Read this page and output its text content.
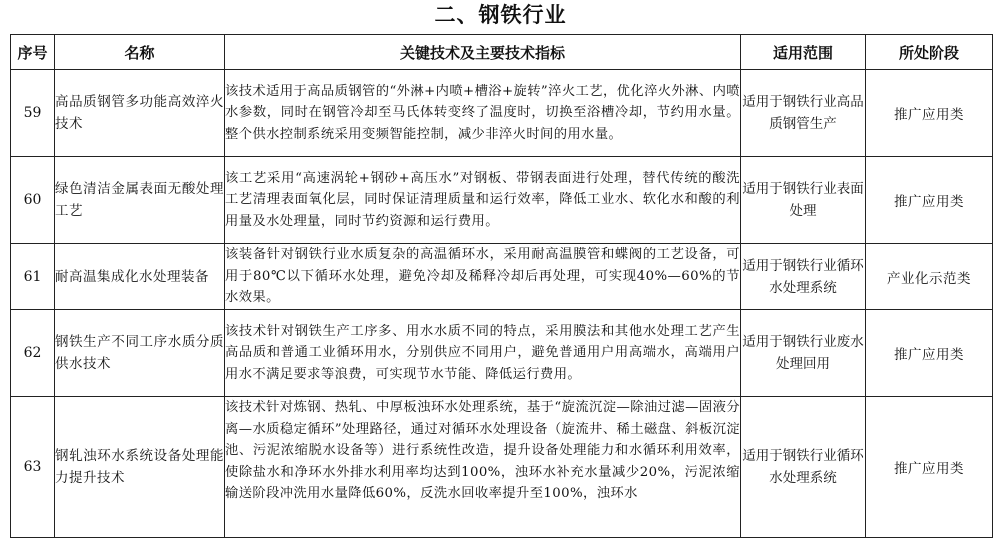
二、钢铁行业
序号	名称	关键技术及主要技术指标	适用范围	所处阶段
59	高品质钢管多功能高效淬火技术	该技术适用于高品质钢管的“外淋+内喷+槽浴+旋转”淬火工艺，优化淬火外淋、内喷水参数，同时在钢管冷却至马氏体转变终了温度时，切换至浴槽冷却，节约用水量。整个供水控制系统采用变频智能控制，减少非淬火时间的用水量。	适用于钢铁行业高品质钢管生产	推广应用类
60	绿色清洁金属表面无酸处理工艺	该工艺采用“高速涡轮+钢砂+高压水”对钢板、带钢表面进行处理，替代传统的酸洗工艺清理表面氧化层，同时保证清理质量和运行效率，降低工业水、软化水和酸的利用量及水处理量，同时节约资源和运行费用。	适用于钢铁行业表面处理	推广应用类
61	耐高温集成化水处理装备	该装备针对钢铁行业水质复杂的高温循环水，采用耐高温膜管和蝶阀的工艺设备，可用于80℃以下循环水处理，避免冷却及稀释冷却后再处理，可实现40%—60%的节水效果。	适用于钢铁行业循环水处理系统	产业化示范类
62	钢铁生产不同工序水质分质供水技术	该技术针对钢铁生产工序多、用水水质不同的特点，采用膜法和其他水处理工艺产生高品质和普通工业循环用水，分别供应不同用户，避免普通用户用高端水，高端用户用水不满足要求等浪费，可实现节水节能、降低运行费用。	适用于钢铁行业废水处理回用	推广应用类
63	钢轧浊环水系统设备处理能力提升技术	该技术针对炼钢、热轧、中厚板浊环水处理系统，基于“旋流沉淀—除油过滤—固液分离—水质稳定循环”处理路径，通过对循环水处理设备（旋流井、稀土磁盘、斜板沉淀池、污泥浓缩脱水设备等）进行系统性改造，提升设备处理能力和水循环利用效率，使除盐水和净环水外排水利用率均达到100%，浊环水补充水量减少20%，污泥浓缩输送阶段冲洗用水量降低60%，反洗水回收率提升至100%，浊环水	适用于钢铁行业循环水处理系统	推广应用类
